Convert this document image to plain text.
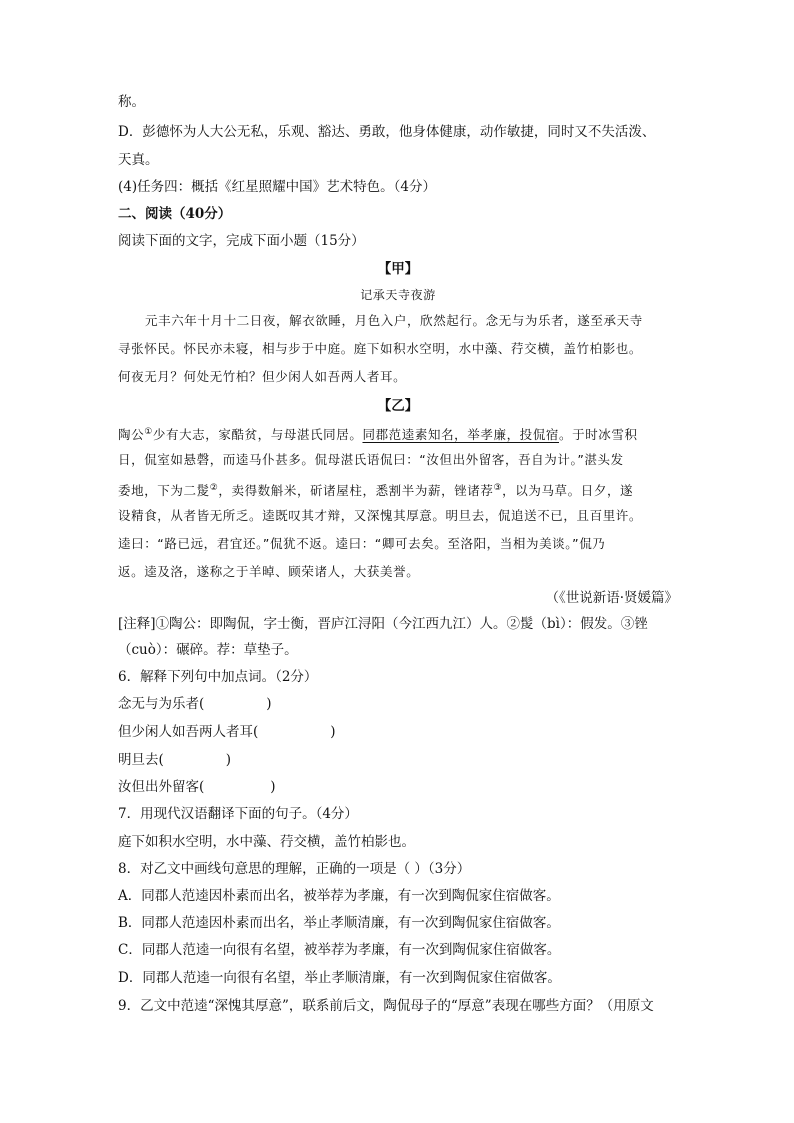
称。
D．彭德怀为人大公无私，乐观、豁达、勇敢，他身体健康，动作敏捷，同时又不失活泼、
天真。
(4)任务四：概括《红星照耀中国》艺术特色。（4分）
二、阅读（40分）
阅读下面的文字，完成下面小题（15分）
【甲】
记承天寺夜游
元丰六年十月十二日夜，解衣欲睡，月色入户，欣然起行。念无与为乐者，遂至承天寺
寻张怀民。怀民亦未寝，相与步于中庭。庭下如积水空明，水中藻、荇交横，盖竹柏影也。
何夜无月？何处无竹柏？但少闲人如吾两人者耳。
【乙】
陶公①少有大志，家酷贫，与母湛氏同居。同郡范逵素知名，举孝廉，投侃宿。于时冰雪积
日，侃室如悬磬，而逵马仆甚多。侃母湛氏语侃曰：“汝但出外留客，吾自为计。”湛头发
委地，下为二髲②，卖得数斛米，斫诸屋柱，悉割半为薪，锉诸荐③，以为马草。日夕，遂
设精食，从者皆无所乏。逵既叹其才辩，又深愧其厚意。明旦去，侃追送不已，且百里许。
逵曰：“路已远，君宜还。”侃犹不返。逵曰：“卿可去矣。至洛阳，当相为美谈。”侃乃
返。逵及洛，遂称之于羊晫、顾荣诸人，大获美誉。
（《世说新语·贤媛篇》
[注释]①陶公：即陶侃，字士衡，晋庐江浔阳（今江西九江）人。②髲（bì）：假发。③锉
（cuò）：碾碎。荐：草垫子。
6．解释下列句中加点词。（2分）
念无与为乐者(	)
但少闲人如吾两人者耳(	)
明旦去(	)
汝但出外留客(	)
7．用现代汉语翻译下面的句子。（4分）
庭下如积水空明，水中藻、荇交横，盖竹柏影也。
8．对乙文中画线句意思的理解，正确的一项是（ ）（3分）
A．同郡人范逵因朴素而出名，被举荐为孝廉，有一次到陶侃家住宿做客。
B．同郡人范逵因朴素而出名，举止孝顺清廉，有一次到陶侃家住宿做客。
C．同郡人范逵一向很有名望，被举荐为孝廉，有一次到陶侃家住宿做客。
D．同郡人范逵一向很有名望，举止孝顺清廉，有一次到陶侃家住宿做客。
9．乙文中范逵“深愧其厚意”，联系前后文，陶侃母子的“厚意”表现在哪些方面？（用原文
